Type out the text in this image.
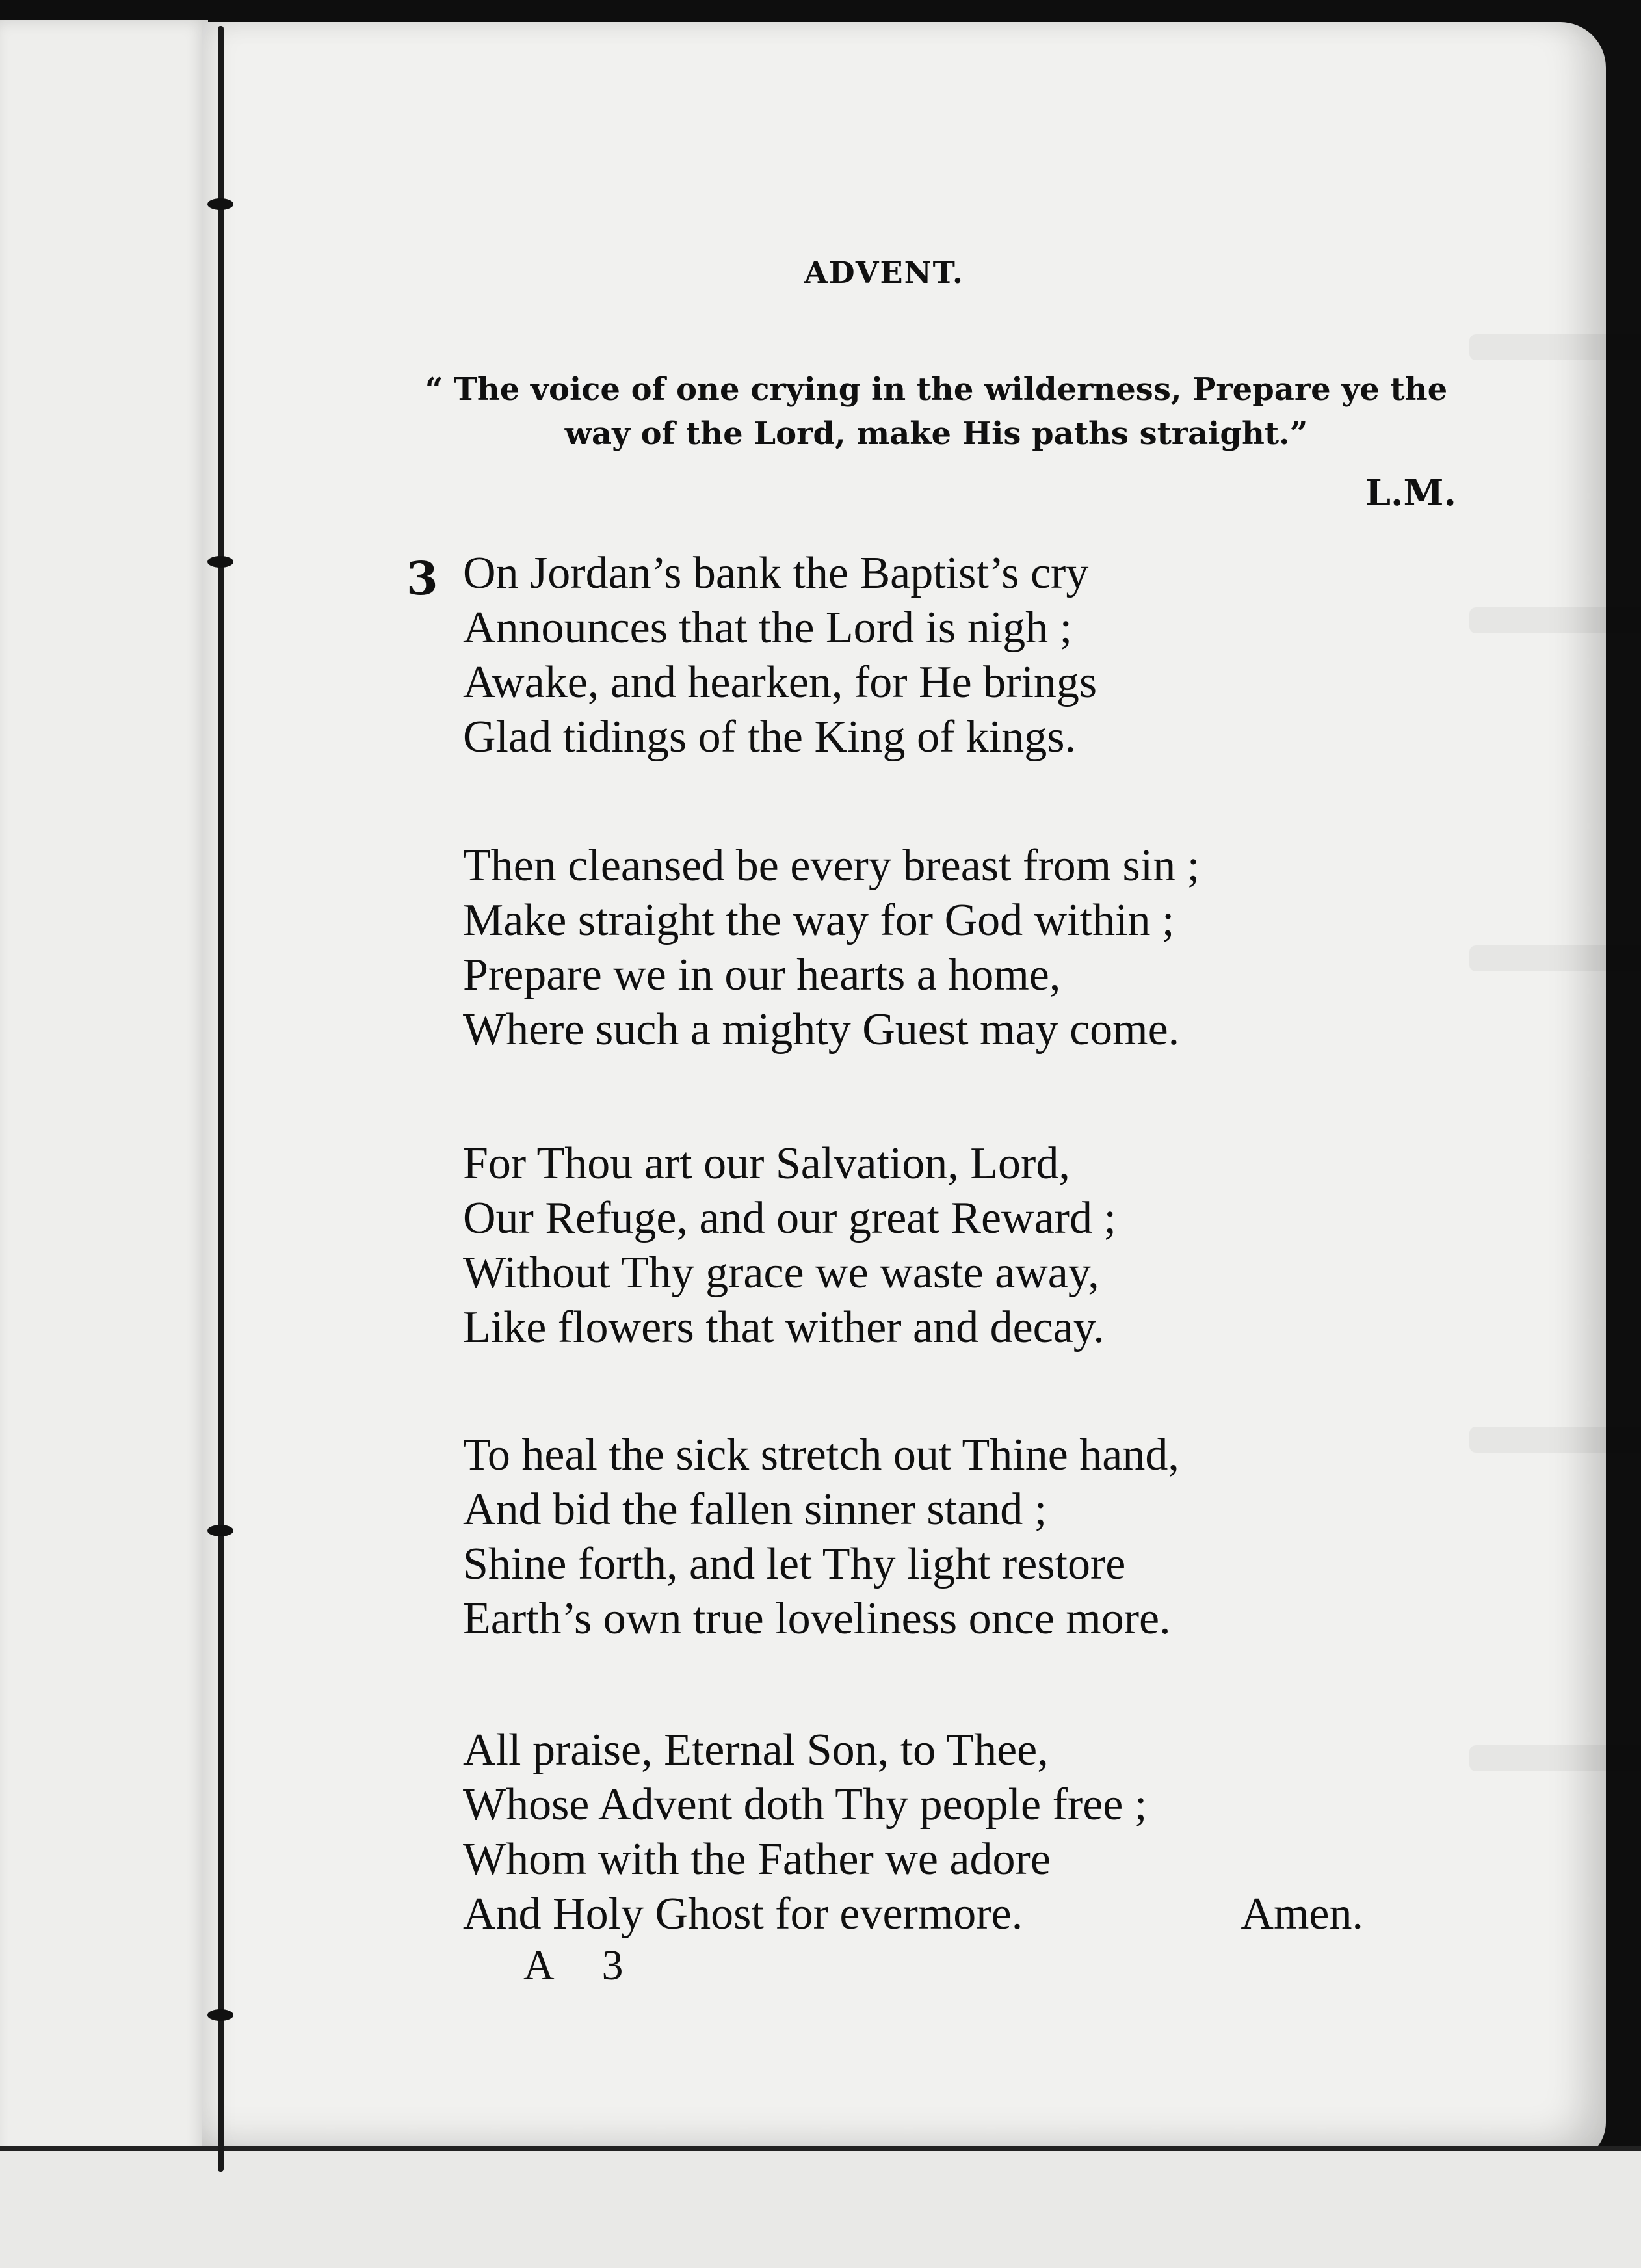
ADVENT.
“ The voice of one crying in the wilderness, Prepare ye the
way of the Lord, make His paths straight.”
L.M.
3 On Jordan’s bank the Baptist’s cry
Announces that the Lord is nigh ;
Awake, and hearken, for He brings
Glad tidings of the King of kings.
Then cleansed be every breast from sin ;
Make straight the way for God within ;
Prepare we in our hearts a home,
Where such a mighty Guest may come.
For Thou art our Salvation, Lord,
Our Refuge, and our great Reward ;
Without Thy grace we waste away,
Like flowers that wither and decay.
To heal the sick stretch out Thine hand,
And bid the fallen sinner stand ;
Shine forth, and let Thy light restore
Earth’s own true loveliness once more.
All praise, Eternal Son, to Thee,
Whose Advent doth Thy people free ;
Whom with the Father we adore
And Holy Ghost for evermore.	Amen.
A 3
